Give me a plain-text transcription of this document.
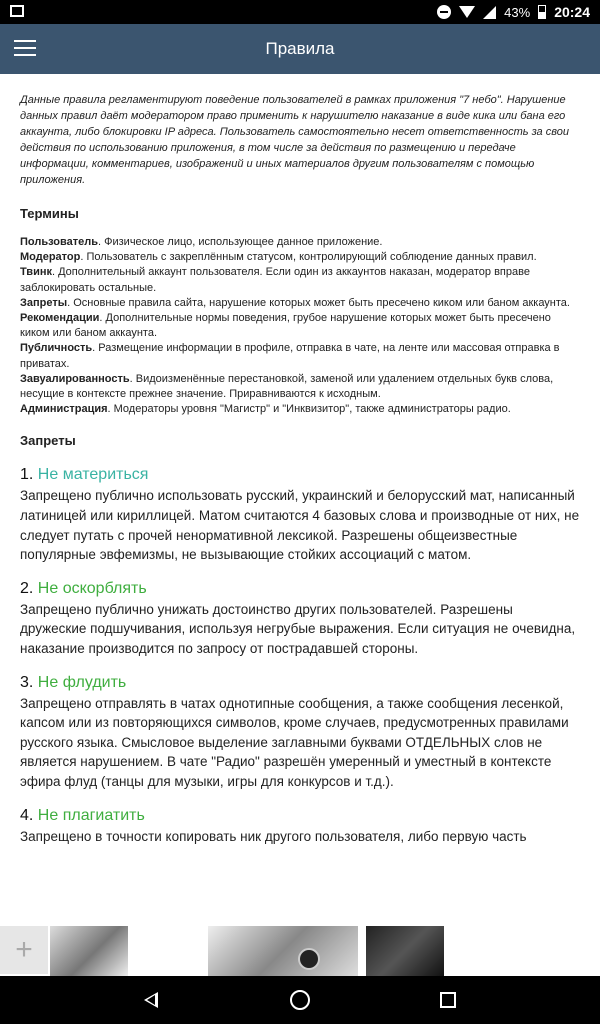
43% 20:24
Правила

Данные правила регламентируют поведение пользователей в рамках приложения "7 небо". Нарушение данных правил даёт модератором право применить к нарушителю наказание в виде кика или бана его аккаунта, либо блокировки IP адреса. Пользователь самостоятельно несет ответственность за свои действия по использованию приложения, в том числе за действия по размещению и передаче информации, комментариев, изображений и иных материалов другим пользователям с помощью приложения.

Термины
Пользователь. Физическое лицо, использующее данное приложение.
Модератор. Пользователь с закреплённым статусом, контролирующий соблюдение данных правил.
Твинк. Дополнительный аккаунт пользователя. Если один из аккаунтов наказан, модератор вправе заблокировать остальные.
Запреты. Основные правила сайта, нарушение которых может быть пресечено киком или баном аккаунта.
Рекомендации. Дополнительные нормы поведения, грубое нарушение которых может быть пресечено киком или баном аккаунта.
Публичность. Размещение информации в профиле, отправка в чате, на ленте или массовая отправка в приватах.
Завуалированность. Видоизменённые перестановкой, заменой или удалением отдельных букв слова, несущие в контексте прежнее значение. Приравниваются к исходным.
Администрация. Модераторы уровня "Магистр" и "Инквизитор", также администраторы радио.
Запреты
1. Не материться
Запрещено публично использовать русский, украинский и белорусский мат, написанный латиницей или кириллицей. Матом считаются 4 базовых слова и производные от них, не следует путать с прочей ненормативной лексикой. Разрешены общеизвестные популярные эвфемизмы, не вызывающие стойких ассоциаций с матом.
2. Не оскорблять
Запрещено публично унижать достоинство других пользователей. Разрешены дружеские подшучивания, используя негрубые выражения. Если ситуация не очевидна, наказание производится по запросу от пострадавшей стороны.
3. Не флудить
Запрещено отправлять в чатах однотипные сообщения, а также сообщения лесенкой, капсом или из повторяющихся символов, кроме случаев, предусмотренных правилами русского языка. Смысловое выделение заглавными буквами ОТДЕЛЬНЫХ слов не является нарушением. В чате "Радио" разрешён умеренный и уместный в контексте эфира флуд (танцы для музыки, игры для конкурсов и т.д.).
4. Не плагиатить
Запрещено в точности копировать ник другого пользователя, либо первую часть
+
